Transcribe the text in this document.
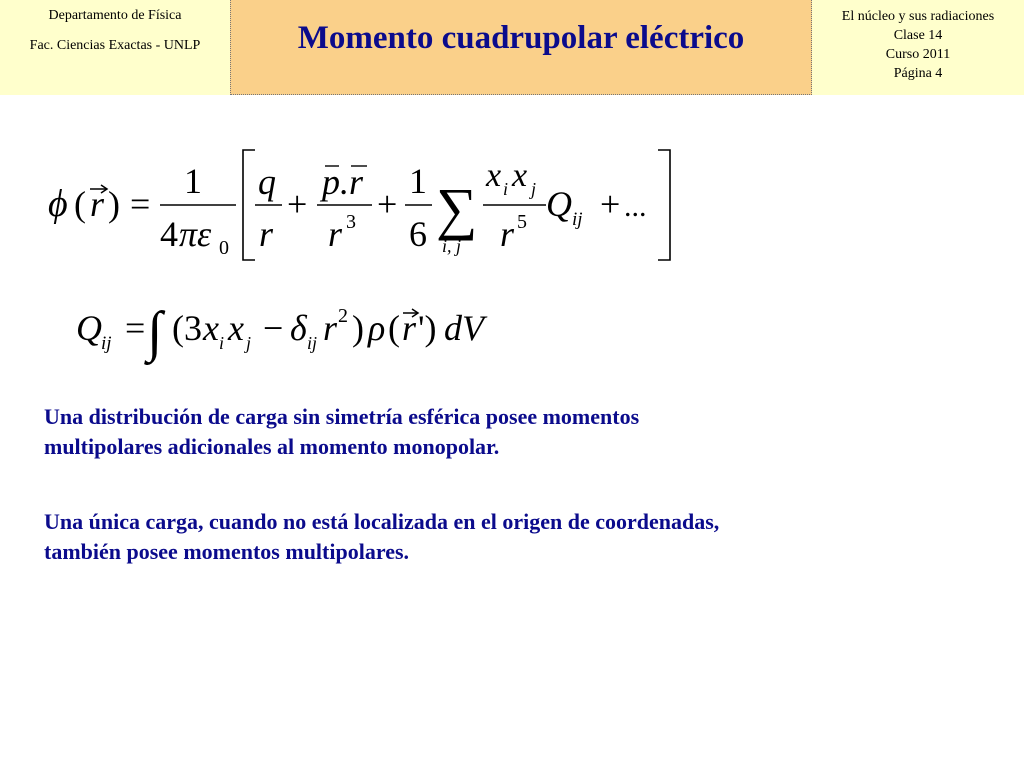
Departamento de Física
Fac. Ciencias Exactas - UNLP	Momento cuadrupolar eléctrico
El núcleo y sus radiaciones
Clase 14
Curso 2011
Página 4
ϕ ( r ) =
1
4 πε 0
q
r
+
p.r
r 3 +
1
6 ∑
i, j
x i x j
r 5 Q ij + ...
Q ij = ∫ (3 x i x j − δ ij r 2 ) ρ ( r ') dV
Una distribución de carga sin simetría esférica posee momentos
multipolares adicionales al momento monopolar.
Una única carga, cuando no está localizada en el origen de coordenadas,
también posee momentos multipolares.
